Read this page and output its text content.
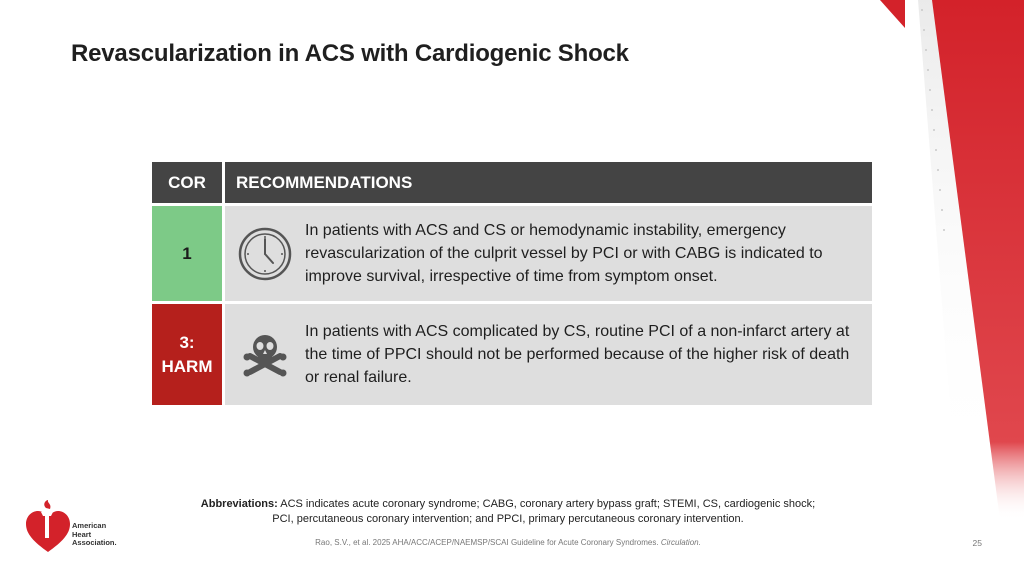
Revascularization in ACS with Cardiogenic Shock
COR	RECOMMENDATIONS
1
In patients with ACS and CS or hemodynamic instability, emergency revascularization of the culprit vessel by PCI or with CABG is indicated to improve survival, irrespective of time from symptom onset.
3:
HARM
In patients with ACS complicated by CS, routine PCI of a non-infarct artery at the time of PPCI should not be performed because of the higher risk of death or renal failure.
Abbreviations: ACS indicates acute coronary syndrome; CABG, coronary artery bypass graft; STEMI, CS, cardiogenic shock;
PCI, percutaneous coronary intervention; and PPCI, primary percutaneous coronary intervention.
Rao, S.V., et al. 2025 AHA/ACC/ACEP/NAEMSP/SCAI Guideline for Acute Coronary Syndromes. Circulation.	25
American
Heart
Association.
